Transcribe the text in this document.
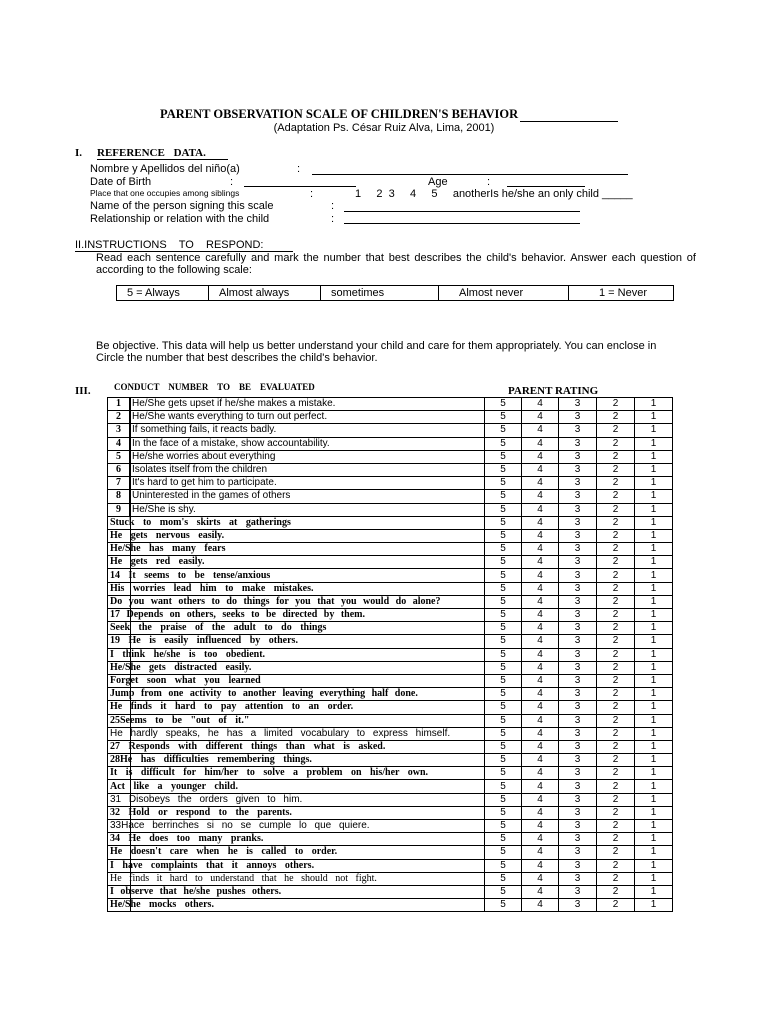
PARENT OBSERVATION SCALE OF CHILDREN'S BEHAVIOR
(Adaptation Ps. César Ruiz Alva, Lima, 2001)
I. REFERENCE DATA.
Nombre y Apellidos del niño(a)	:
Date of Birth	:	Age	:
Place that one occupies among siblings	:	1     2  3     4     5     anotherIs he/she an only child _____
Name of the person signing this scale	:
Relationship or relation with the child	:
II.INSTRUCTIONS    TO    RESPOND:
Read each sentence carefully and mark the number that best describes the child's behavior. Answer each question of according to the following scale:
5 = Always	Almost always	sometimes	Almost never	1 = Never
Be objective. This data will help us better understand your child and care for them appropriately. You can enclose in Circle the number that best describes the child's behavior.
III.	CONDUCT    NUMBER    TO    BE    EVALUATED	PARENT RATING
1	He/She gets upset if he/she makes a mistake.	5	4	3	2	1
2	He/She wants everything to turn out perfect.	5	4	3	2	1
3	If something fails, it reacts badly.	5	4	3	2	1
4	In the face of a mistake, show accountability.	5	4	3	2	1
5	He/she worries about everything	5	4	3	2	1
6	Isolates itself from the children	5	4	3	2	1
7	It's hard to get him to participate.	5	4	3	2	1
8	Uninterested in the games of others	5	4	3	2	1
9	He/She is shy.	5	4	3	2	1
Stuck to mom's skirts at gatherings		5	4	3	2	1
He gets nervous easily.		5	4	3	2	1
He/She has many fears		5	4	3	2	1
He gets red easily.		5	4	3	2	1
14 It seems to be tense/anxious		5	4	3	2	1
His worries lead him to make mistakes.		5	4	3	2	1
Do you want others to do things for you that you would do alone?		5	4	3	2	1
17 Depends on others, seeks to be directed by them.		5	4	3	2	1
Seek the praise of the adult to do things		5	4	3	2	1
19 He is easily influenced by others.		5	4	3	2	1
I think he/she is too obedient.		5	4	3	2	1
He/She gets distracted easily.		5	4	3	2	1
Forget soon what you learned		5	4	3	2	1
Jump from one activity to another leaving everything half done.		5	4	3	2	1
He finds it hard to pay attention to an order.		5	4	3	2	1
25Seems to be "out of it."		5	4	3	2	1
He hardly speaks, he has a limited vocabulary to express himself.		5	4	3	2	1
27 Responds with different things than what is asked.		5	4	3	2	1
28He has difficulties remembering things.		5	4	3	2	1
It is difficult for him/her to solve a problem on his/her own.		5	4	3	2	1
Act like a younger child.		5	4	3	2	1
31 Disobeys the orders given to him.		5	4	3	2	1
32 Hold or respond to the parents.		5	4	3	2	1
33Hace berrinches si no se cumple lo que quiere.		5	4	3	2	1
34 He does too many pranks.		5	4	3	2	1
He doesn't care when he is called to order.		5	4	3	2	1
I have complaints that it annoys others.		5	4	3	2	1
He finds it hard to understand that he should not fight.		5	4	3	2	1
I observe that he/she pushes others.		5	4	3	2	1
He/She mocks others.		5	4	3	2	1
